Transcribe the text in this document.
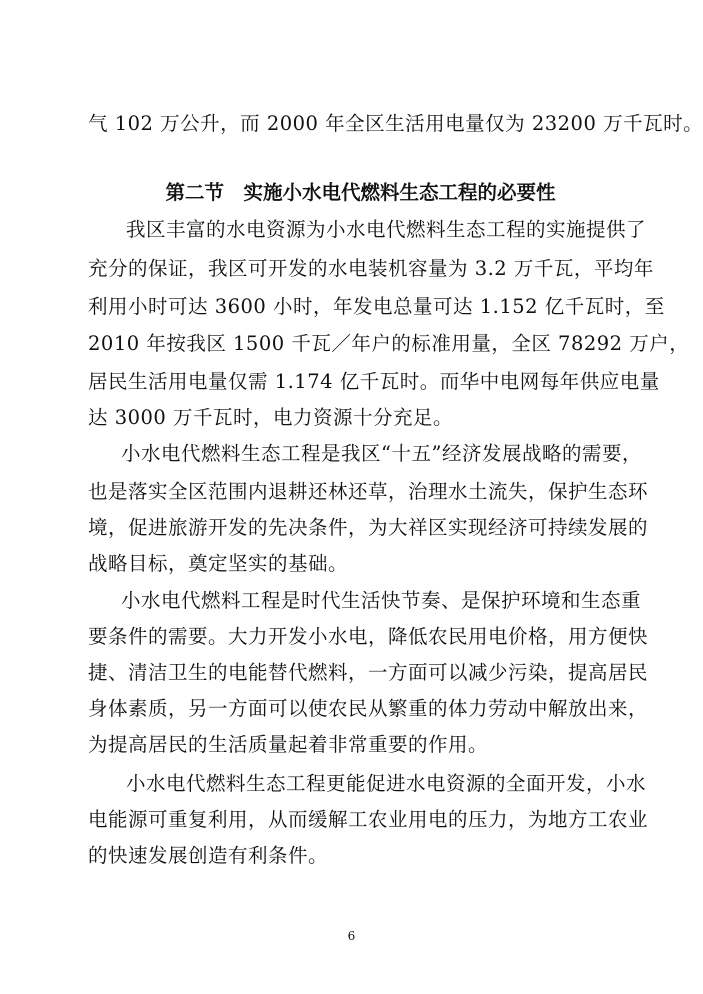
气 102 万公升，而 2000 年全区生活用电量仅为 23200 万千瓦时。
第二节　实施小水电代燃料生态工程的必要性
我区丰富的水电资源为小水电代燃料生态工程的实施提供了
充分的保证，我区可开发的水电装机容量为 3.2 万千瓦，平均年
利用小时可达 3600 小时，年发电总量可达 1.152 亿千瓦时，至
2010 年按我区 1500 千瓦／年户的标准用量，全区 78292 万户，
居民生活用电量仅需 1.174 亿千瓦时。而华中电网每年供应电量
达 3000 万千瓦时，电力资源十分充足。
小水电代燃料生态工程是我区“十五”经济发展战略的需要，
也是落实全区范围内退耕还林还草，治理水土流失，保护生态环
境，促进旅游开发的先决条件，为大祥区实现经济可持续发展的
战略目标，奠定坚实的基础。
小水电代燃料工程是时代生活快节奏、是保护环境和生态重
要条件的需要。大力开发小水电，降低农民用电价格，用方便快
捷、清洁卫生的电能替代燃料，一方面可以减少污染，提高居民
身体素质，另一方面可以使农民从繁重的体力劳动中解放出来，
为提高居民的生活质量起着非常重要的作用。
小水电代燃料生态工程更能促进水电资源的全面开发，小水
电能源可重复利用，从而缓解工农业用电的压力，为地方工农业
的快速发展创造有利条件。
6
